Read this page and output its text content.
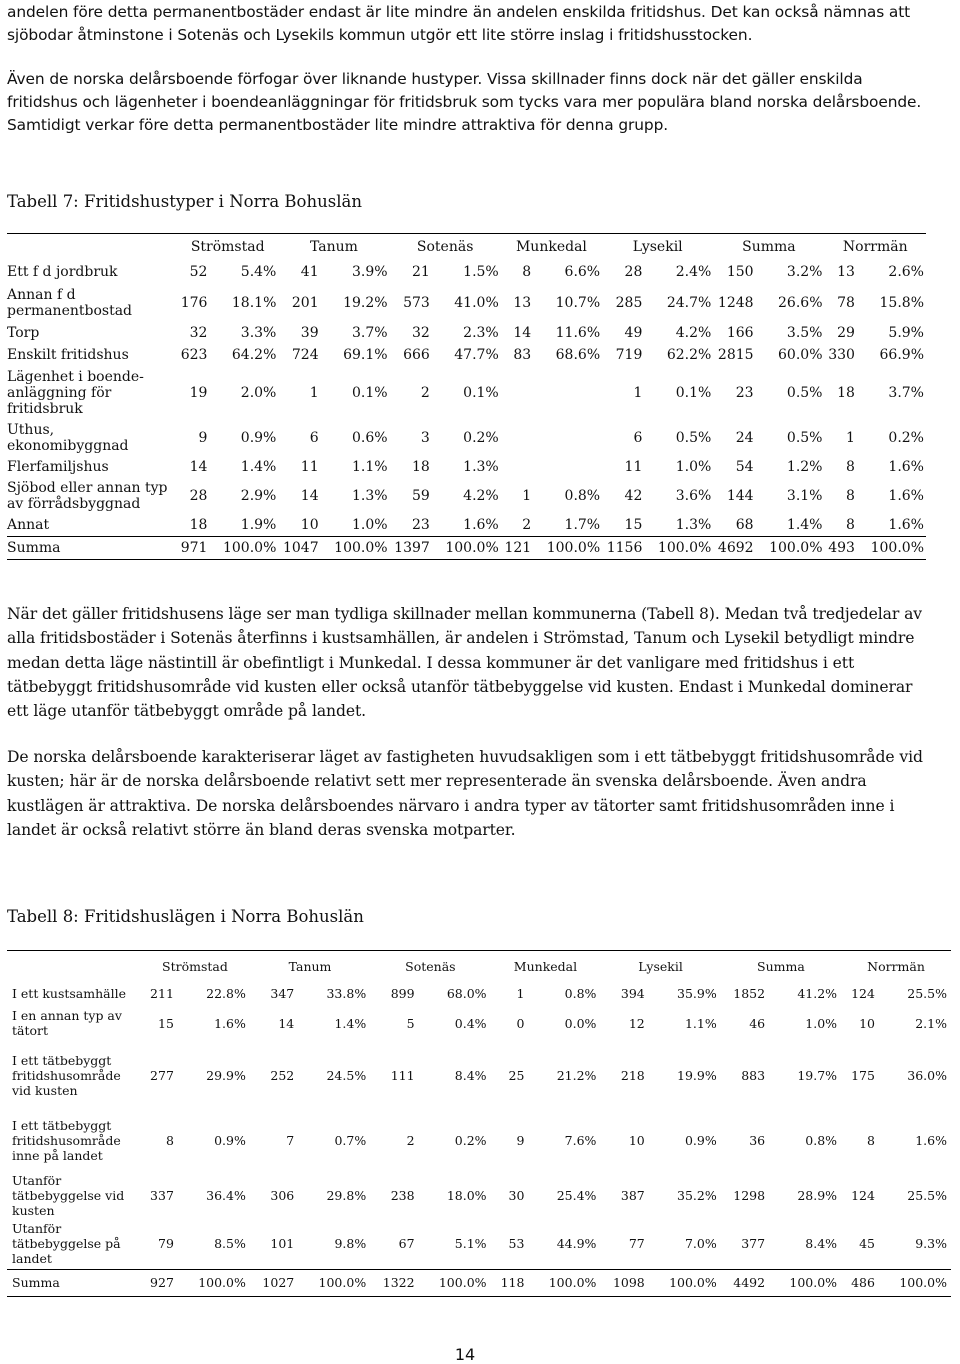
andelen före detta permanentbostäder endast är lite mindre än andelen enskilda fritidshus. Det kan också nämnas att sjöbodar åtminstone i Sotenäs och Lysekils kommun utgör ett lite större inslag i fritidshusstocken.

Även de norska delårsboende förfogar över liknande hustyper. Vissa skillnader finns dock när det gäller enskilda fritidshus och lägenheter i boendeanläggningar för fritidsbruk som tycks vara mer populära bland norska delårsboende. Samtidigt verkar före detta permanentbostäder lite mindre attraktiva för denna grupp.

Tabell 7: Fritidshustyper i Norra Bohuslän

	Strömstad		Tanum		Sotenäs		Munkedal		Lysekil		Summa		Norrmän	
Ett f d jordbruk	52	5.4%	41	3.9%	21	1.5%	8	6.6%	28	2.4%	150	3.2%	13	2.6%
Annan f d permanentbostad	176	18.1%	201	19.2%	573	41.0%	13	10.7%	285	24.7%	1248	26.6%	78	15.8%
Torp	32	3.3%	39	3.7%	32	2.3%	14	11.6%	49	4.2%	166	3.5%	29	5.9%
Enskilt fritidshus	623	64.2%	724	69.1%	666	47.7%	83	68.6%	719	62.2%	2815	60.0%	330	66.9%
Lägenhet i boende-anläggning för fritidsbruk	19	2.0%	1	0.1%	2	0.1%			1	0.1%	23	0.5%	18	3.7%
Uthus, ekonomibyggnad	9	0.9%	6	0.6%	3	0.2%			6	0.5%	24	0.5%	1	0.2%
Flerfamiljshus	14	1.4%	11	1.1%	18	1.3%			11	1.0%	54	1.2%	8	1.6%
Sjöbod eller annan typ av förrådsbyggnad	28	2.9%	14	1.3%	59	4.2%	1	0.8%	42	3.6%	144	3.1%	8	1.6%
Annat	18	1.9%	10	1.0%	23	1.6%	2	1.7%	15	1.3%	68	1.4%	8	1.6%
Summa	971	100.0%	1047	100.0%	1397	100.0%	121	100.0%	1156	100.0%	4692	100.0%	493	100.0%

När det gäller fritidshusens läge ser man tydliga skillnader mellan kommunerna (Tabell 8). Medan två tredjedelar av alla fritidsbostäder i Sotenäs återfinns i kustsamhällen, är andelen i Strömstad, Tanum och Lysekil betydligt mindre medan detta läge nästintill är obefintligt i Munkedal. I dessa kommuner är det vanligare med fritidshus i ett tätbebyggt fritidshusområde vid kusten eller också utanför tätbebyggelse vid kusten. Endast i Munkedal dominerar ett läge utanför tätbebyggt område på landet.

De norska delårsboende karakteriserar läget av fastigheten huvudsakligen som i ett tätbebyggt fritidshusområde vid kusten; här är de norska delårsboende relativt sett mer representerade än svenska delårsboende. Även andra kustlägen är attraktiva. De norska delårsboendes närvaro i andra typer av tätorter samt fritidshusområden inne i landet är också relativt större än bland deras svenska motparter.

Tabell 8: Fritidshuslägen i Norra Bohuslän

	Strömstad		Tanum		Sotenäs		Munkedal		Lysekil		Summa		Norrmän	
I ett kustsamhälle	211	22.8%	347	33.8%	899	68.0%	1	0.8%	394	35.9%	1852	41.2%	124	25.5%
I en annan typ av tätort	15	1.6%	14	1.4%	5	0.4%	0	0.0%	12	1.1%	46	1.0%	10	2.1%
I ett tätbebyggt fritidshusområde vid kusten	277	29.9%	252	24.5%	111	8.4%	25	21.2%	218	19.9%	883	19.7%	175	36.0%
I ett tätbebyggt fritidshusområde inne på landet	8	0.9%	7	0.7%	2	0.2%	9	7.6%	10	0.9%	36	0.8%	8	1.6%
Utanför tätbebyggelse vid kusten	337	36.4%	306	29.8%	238	18.0%	30	25.4%	387	35.2%	1298	28.9%	124	25.5%
Utanför tätbebyggelse på landet	79	8.5%	101	9.8%	67	5.1%	53	44.9%	77	7.0%	377	8.4%	45	9.3%
Summa	927	100.0%	1027	100.0%	1322	100.0%	118	100.0%	1098	100.0%	4492	100.0%	486	100.0%
14
